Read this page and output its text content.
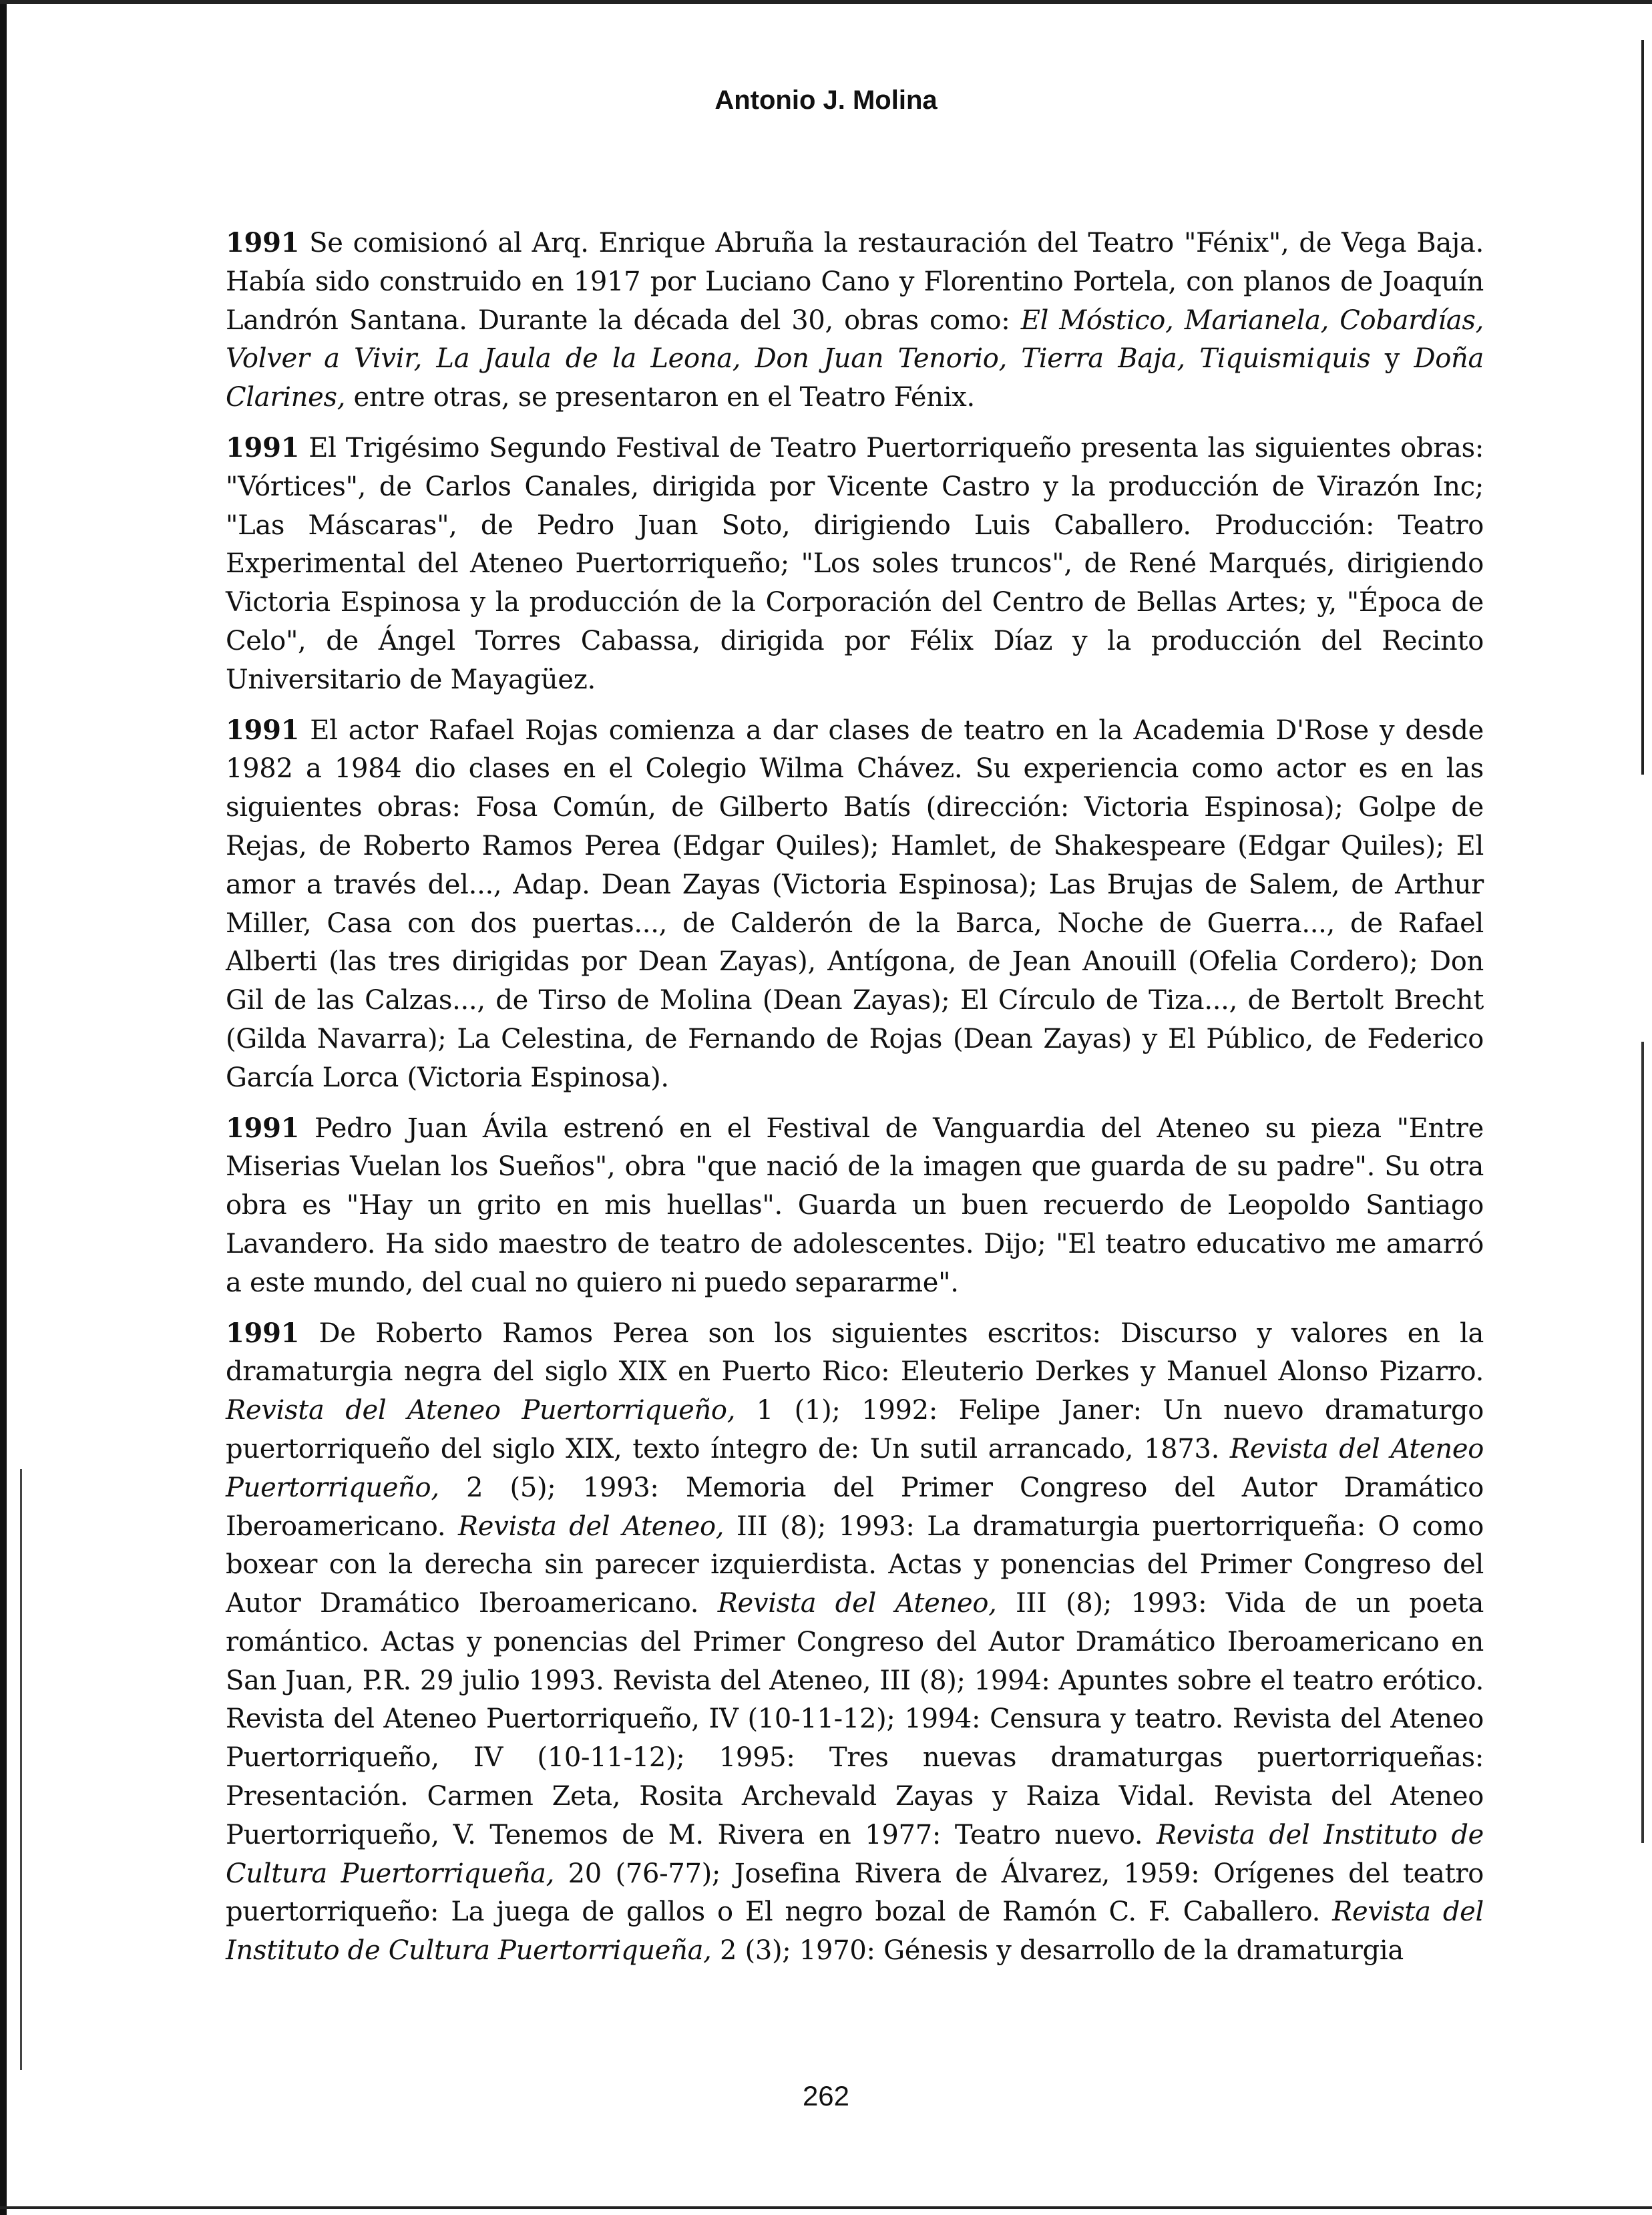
Antonio J. Molina

1991 Se comisionó al Arq. Enrique Abruña la restauración del Teatro "Fénix", de Vega Baja. Había sido construido en 1917 por Luciano Cano y Florentino Portela, con planos de Joaquín Landrón Santana. Durante la década del 30, obras como: El Móstico, Marianela, Cobardías, Volver a Vivir, La Jaula de la Leona, Don Juan Tenorio, Tierra Baja, Tiquismiquis y Doña Clarines, entre otras, se presentaron en el Teatro Fénix.

1991 El Trigésimo Segundo Festival de Teatro Puertorriqueño presenta las siguientes obras: "Vórtices", de Carlos Canales, dirigida por Vicente Castro y la producción de Virazón Inc; "Las Máscaras", de Pedro Juan Soto, dirigiendo Luis Caballero. Producción: Teatro Experimental del Ateneo Puertorriqueño; "Los soles truncos", de René Marqués, dirigiendo Victoria Espinosa y la producción de la Corporación del Centro de Bellas Artes; y, "Época de Celo", de Ángel Torres Cabassa, dirigida por Félix Díaz y la producción del Recinto Universitario de Mayagüez.

1991 El actor Rafael Rojas comienza a dar clases de teatro en la Academia D'Rose y desde 1982 a 1984 dio clases en el Colegio Wilma Chávez. Su experiencia como actor es en las siguientes obras: Fosa Común, de Gilberto Batís (dirección: Victoria Espinosa); Golpe de Rejas, de Roberto Ramos Perea (Edgar Quiles); Hamlet, de Shakespeare (Edgar Quiles); El amor a través del..., Adap. Dean Zayas (Victoria Espinosa); Las Brujas de Salem, de Arthur Miller, Casa con dos puertas..., de Calderón de la Barca, Noche de Guerra..., de Rafael Alberti (las tres dirigidas por Dean Zayas), Antígona, de Jean Anouill (Ofelia Cordero); Don Gil de las Calzas..., de Tirso de Molina (Dean Zayas); El Círculo de Tiza..., de Bertolt Brecht (Gilda Navarra); La Celestina, de Fernando de Rojas (Dean Zayas) y El Público, de Federico García Lorca (Victoria Espinosa).

1991 Pedro Juan Ávila estrenó en el Festival de Vanguardia del Ateneo su pieza "Entre Miserias Vuelan los Sueños", obra "que nació de la imagen que guarda de su padre". Su otra obra es "Hay un grito en mis huellas". Guarda un buen recuerdo de Leopoldo Santiago Lavandero. Ha sido maestro de teatro de adolescentes. Dijo; "El teatro educativo me amarró a este mundo, del cual no quiero ni puedo separarme".

1991 De Roberto Ramos Perea son los siguientes escritos: Discurso y valores en la dramaturgia negra del siglo XIX en Puerto Rico: Eleuterio Derkes y Manuel Alonso Pizarro. Revista del Ateneo Puertorriqueño, 1 (1); 1992: Felipe Janer: Un nuevo dramaturgo puertorriqueño del siglo XIX, texto íntegro de: Un sutil arrancado, 1873. Revista del Ateneo Puertorriqueño, 2 (5); 1993: Memoria del Primer Congreso del Autor Dramático Iberoamericano. Revista del Ateneo, III (8); 1993: La dramaturgia puertorriqueña: O como boxear con la derecha sin parecer izquierdista. Actas y ponencias del Primer Congreso del Autor Dramático Iberoamericano. Revista del Ateneo, III (8); 1993: Vida de un poeta romántico. Actas y ponencias del Primer Congreso del Autor Dramático Iberoamericano en San Juan, P.R. 29 julio 1993. Revista del Ateneo, III (8); 1994: Apuntes sobre el teatro erótico. Revista del Ateneo Puertorriqueño, IV (10-11-12); 1994: Censura y teatro. Revista del Ateneo Puertorriqueño, IV (10-11-12); 1995: Tres nuevas dramaturgas puertorriqueñas: Presentación. Carmen Zeta, Rosita Archevald Zayas y Raiza Vidal. Revista del Ateneo Puertorriqueño, V. Tenemos de M. Rivera en 1977: Teatro nuevo. Revista del Instituto de Cultura Puertorriqueña, 20 (76-77); Josefina Rivera de Álvarez, 1959: Orígenes del teatro puertorriqueño: La juega de gallos o El negro bozal de Ramón C. F. Caballero. Revista del Instituto de Cultura Puertorriqueña, 2 (3); 1970: Génesis y desarrollo de la dramaturgia

262
